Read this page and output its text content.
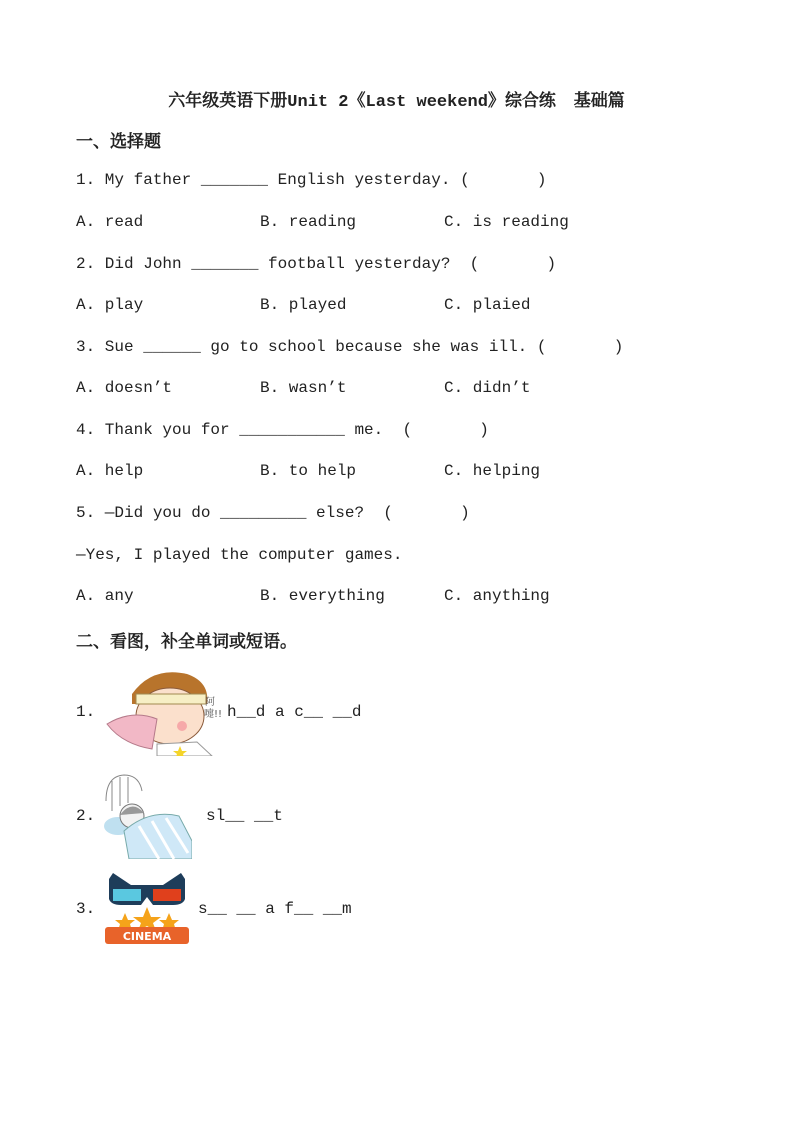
六年级英语下册Unit 2《Last weekend》综合练   基础篇
一、选择题
1. My father _______ English yesterday. (       )
A. read	B. reading	C. is reading
2. Did John _______ football yesterday?  (       )
A. play	B. played	C. plaied
3. Sue ______ go to school because she was ill. (       )
A. doesn’t	B. wasn’t	C. didn’t
4. Thank you for ___________ me.  (       )
A. help	B. to help	C. helping
5. —Did you do _________ else?  (       )
—Yes, I played the computer games.
A. any	B. everything	C. anything
二、看图，补全单词或短语。
1.
阿嚏!! h__d a c__ __d
2.	sl__ __t
3.
CINEMA
s__ __ a f__ __m
